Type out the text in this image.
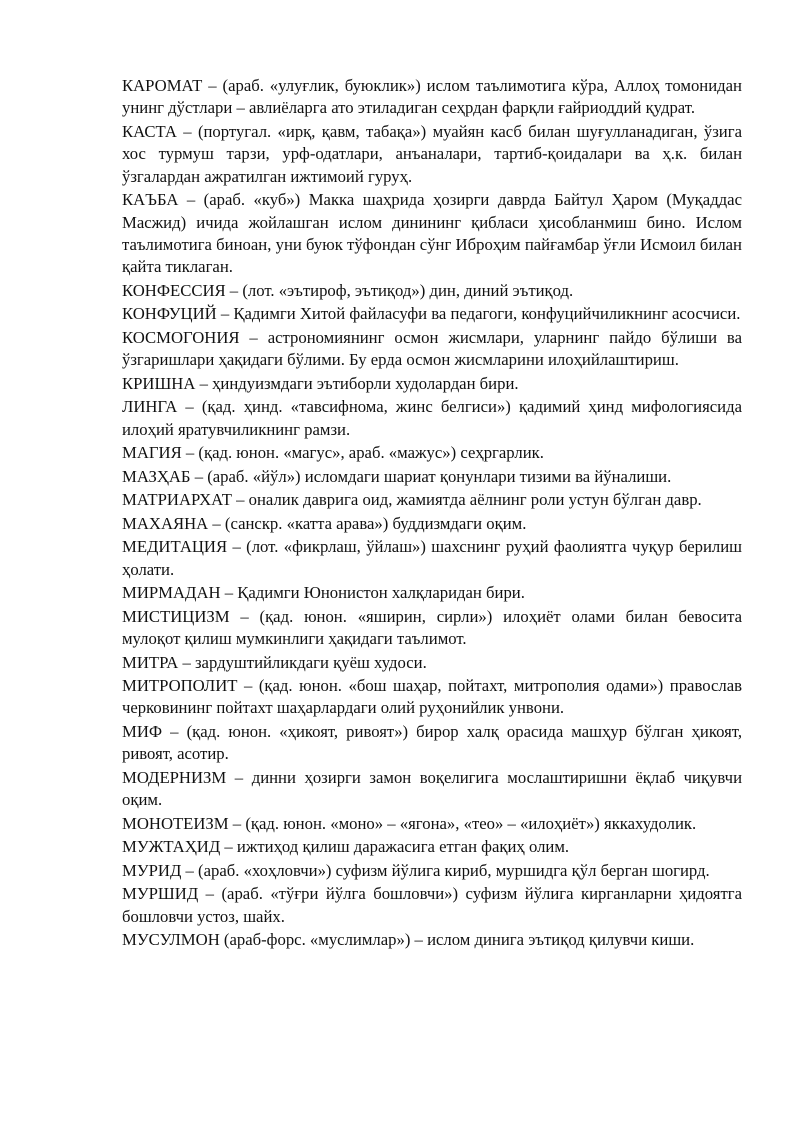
КАРОМАТ – (араб. «улуғлик, буюклик») ислом таълимотига кўра, Аллоҳ томонидан унинг дўстлари – авлиёларга ато этиладиган сеҳрдан фарқли ғайриоддий қудрат.

КАСТА – (португал. «ирқ, қавм, табақа») муайян касб билан шуғулланадиган, ўзига хос турмуш тарзи, урф-одатлари, анъаналари, тартиб-қоидалари ва ҳ.к. билан ўзгалардан ажратилган ижтимоий гуруҳ.

КАЪБА – (араб. «куб») Макка шаҳрида ҳозирги даврда Байтул Ҳаром (Муқаддас Масжид) ичида жойлашган ислом динининг қибласи ҳисобланмиш бино. Ислом таълимотига биноан, уни буюк тўфондан сўнг Иброҳим пайғамбар ўғли Исмоил билан қайта тиклаган.

КОНФЕССИЯ – (лот. «эътироф, эътиқод») дин, диний эътиқод.

КОНФУЦИЙ – Қадимги Хитой файласуфи ва педагоги, конфуцийчиликнинг асосчиси.

КОСМОГОНИЯ – астрономиянинг осмон жисмлари, уларнинг пайдо бўлиши ва ўзгаришлари ҳақидаги бўлими. Бу ерда осмон жисмларини илоҳийлаштириш.

КРИШНА – ҳиндуизмдаги эътиборли худолардан бири.

ЛИНГА – (қад. ҳинд. «тавсифнома, жинс белгиси») қадимий ҳинд мифологиясида илоҳий яратувчиликнинг рамзи.

МАГИЯ – (қад. юнон. «магус», араб. «мажус») сеҳргарлик.

МАЗҲАБ – (араб. «йўл») исломдаги шариат қонунлари тизими ва йўналиши.

МАТРИАРХАТ – оналик даврига оид, жамиятда аёлнинг роли устун бўлган давр.

МАХАЯНА – (санскр. «катта арава») буддизмдаги оқим.

МЕДИТАЦИЯ – (лот. «фикрлаш, ўйлаш») шахснинг руҳий фаолиятга чуқур берилиш ҳолати.

МИРМАДАН – Қадимги Юнонистон халқларидан бири.

МИСТИЦИЗМ – (қад. юнон. «яширин, сирли») илоҳиёт олами билан бевосита мулоқот қилиш мумкинлиги ҳақидаги таълимот.

МИТРА – зардуштийликдаги қуёш худоси.

МИТРОПОЛИТ – (қад. юнон. «бош шаҳар, пойтахт, митрополия одами») православ черковининг пойтахт шаҳарлардаги олий руҳонийлик унвони.

МИФ – (қад. юнон. «ҳикоят, ривоят») бирор халқ орасида машҳур бўлган ҳикоят, ривоят, асотир.

МОДЕРНИЗМ – динни ҳозирги замон воқелигига мослаштиришни ёқлаб чиқувчи оқим.

МОНОТЕИЗМ – (қад. юнон. «моно» – «ягона», «тео» – «илоҳиёт») яккахудолик.

МУЖТАҲИД – ижтиҳод қилиш даражасига етган фақиҳ олим.

МУРИД – (араб. «хоҳловчи») суфизм йўлига кириб, муршидга қўл берган шогирд.

МУРШИД – (араб. «тўғри йўлга бошловчи») суфизм йўлига кирганларни ҳидоятга бошловчи устоз, шайх.

МУСУЛМОН (араб-форс. «муслимлар») – ислом динига эътиқод қилувчи киши.
